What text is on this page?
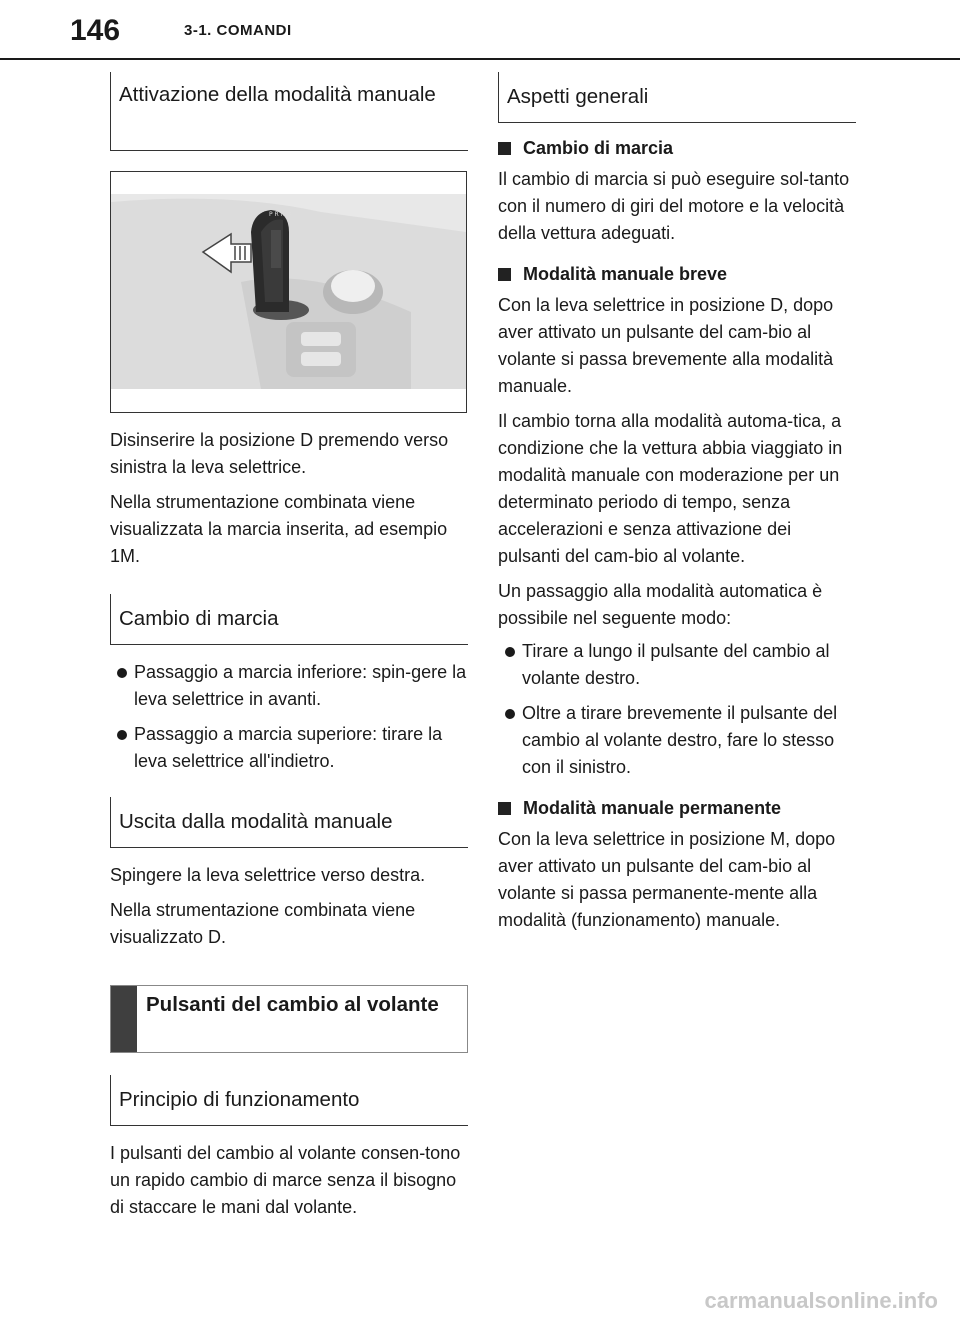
146	3-1. COMANDI
Attivazione della modalità manuale
P R N D

Disinserire la posizione D premendo verso sinistra la leva selettrice.

Nella strumentazione combinata viene visualizzata la marcia inserita, ad esempio 1M.

Cambio di marcia
Passaggio a marcia inferiore: spin-gere la leva selettrice in avanti.
Passaggio a marcia superiore: tirare la leva selettrice all'indietro.
Uscita dalla modalità manuale

Spingere la leva selettrice verso destra.

Nella strumentazione combinata viene visualizzato D.

Pulsanti del cambio al volante
Principio di funzionamento

I pulsanti del cambio al volante consen-tono un rapido cambio di marce senza il bisogno di staccare le mani dal volante.

Aspetti generali
Cambio di marcia

Il cambio di marcia si può eseguire sol-tanto con il numero di giri del motore e la velocità della vettura adeguati.

Modalità manuale breve

Con la leva selettrice in posizione D, dopo aver attivato un pulsante del cam-bio al volante si passa brevemente alla modalità manuale.

Il cambio torna alla modalità automa-tica, a condizione che la vettura abbia viaggiato in modalità manuale con moderazione per un determinato periodo di tempo, senza accelerazioni e senza attivazione dei pulsanti del cam-bio al volante.

Un passaggio alla modalità automatica è possibile nel seguente modo:

Tirare a lungo il pulsante del cambio al volante destro.
Oltre a tirare brevemente il pulsante del cambio al volante destro, fare lo stesso con il sinistro.
Modalità manuale permanente

Con la leva selettrice in posizione M, dopo aver attivato un pulsante del cam-bio al volante si passa permanente-mente alla modalità (funzionamento) manuale.

carmanualsonline.info
